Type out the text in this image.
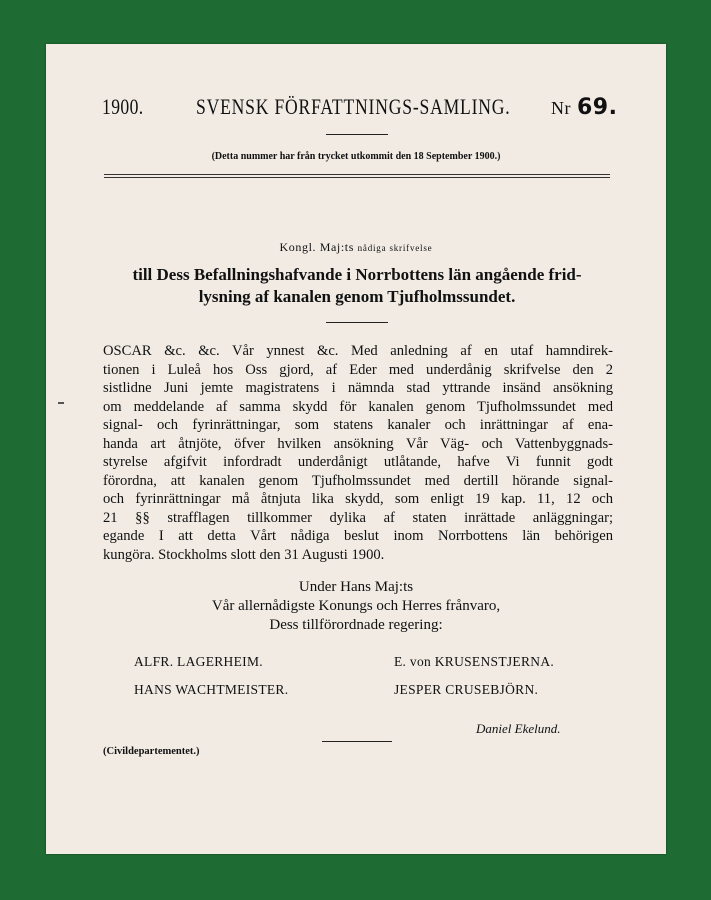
1900. SVENSK FÖRFATTNINGS-SAMLING. Nr 69.
(Detta nummer har från trycket utkommit den 18 September 1900.)
Kongl. Maj:ts nådiga skrifvelse
till Dess Befallningshafvande i Norrbottens län angående frid-
lysning af kanalen genom Tjufholmssundet.
OSCAR &c. &c. Vår ynnest &c. Med anledning af en utaf hamndirek-
tionen i Luleå hos Oss gjord, af Eder med underdånig skrifvelse den 2
sistlidne Juni jemte magistratens i nämnda stad yttrande insänd ansökning
om meddelande af samma skydd för kanalen genom Tjufholmssundet med
signal- och fyrinrättningar, som statens kanaler och inrättningar af ena-
handa art åtnjöte, öfver hvilken ansökning Vår Väg- och Vattenbyggnads-
styrelse afgifvit infordradt underdånigt utlåtande, hafve Vi funnit godt
förordna, att kanalen genom Tjufholmssundet med dertill hörande signal-
och fyrinrättningar må åtnjuta lika skydd, som enligt 19 kap. 11, 12 och
21 §§ strafflagen tillkommer dylika af staten inrättade anläggningar;
egande I att detta Vårt nådiga beslut inom Norrbottens län behörigen
kungöra. Stockholms slott den 31 Augusti 1900.
Under Hans Maj:ts
Vår allernådigste Konungs och Herres frånvaro,
Dess tillförordnade regering:
ALFR. LAGERHEIM.	E. von KRUSENSTJERNA.
HANS WACHTMEISTER.	JESPER CRUSEBJÖRN.
Daniel Ekelund.
(Civildepartementet.)
